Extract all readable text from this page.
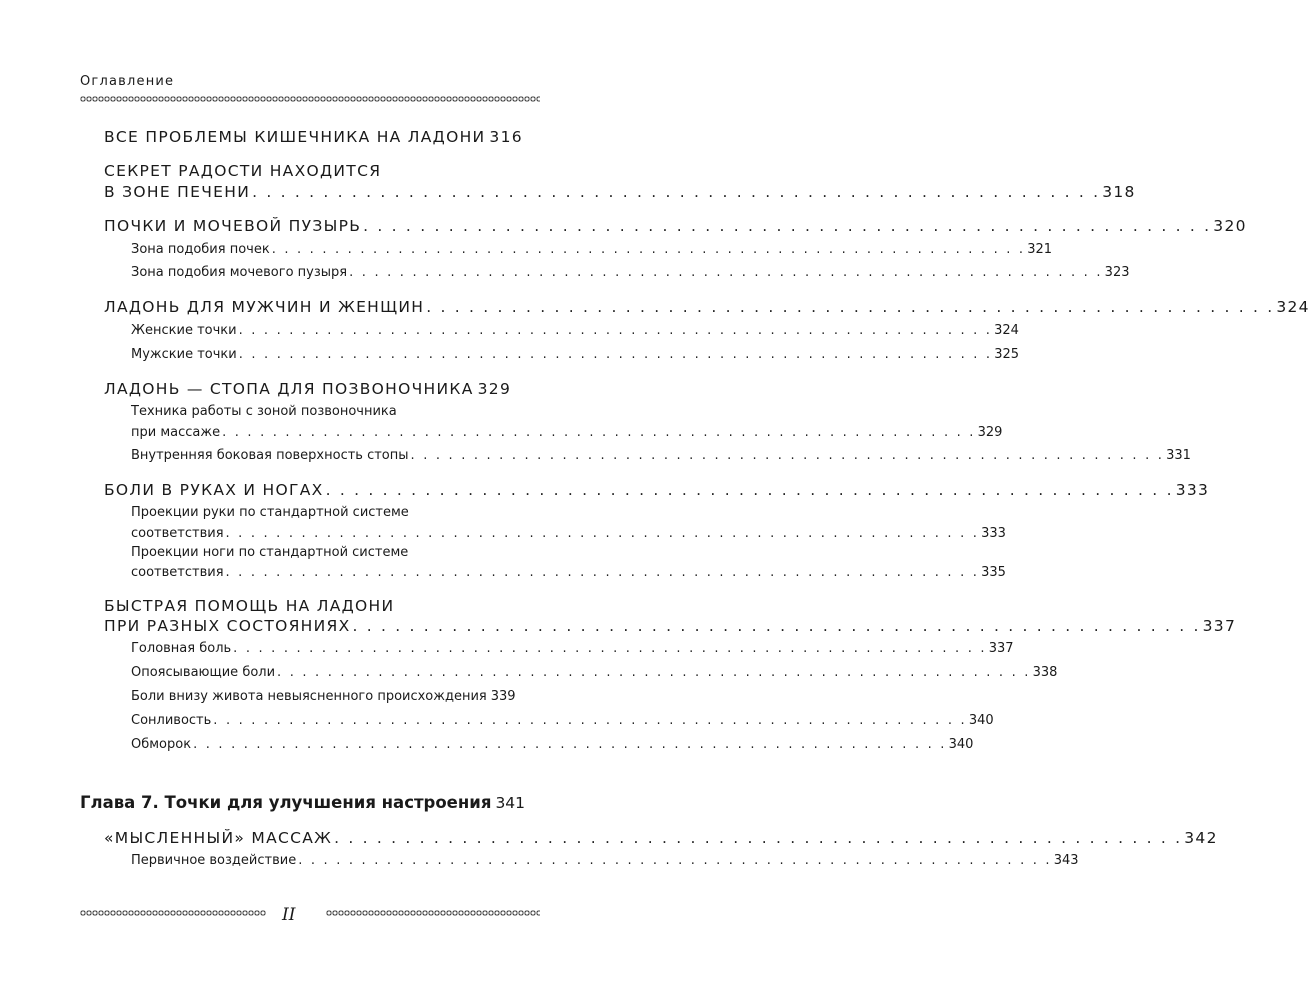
Оглавление
ВСЕ ПРОБЛЕМЫ КИШЕЧНИКА НА ЛАДОНИ 316
СЕКРЕТ РАДОСТИ НАХОДИТСЯ
В ЗОНЕ ПЕЧЕНИ . . . . . . . . . . . . . . . . . . . . . . . . . . . . . . . . . . . . . . . . . . . . . . . . . . . . . . . . . . . . 318
ПОЧКИ И МОЧЕВОЙ ПУЗЫРЬ . . . . . . . . . . . . . . . . . . . . . . . . . . . . . . . . . . . . . . . . . . . . . . . . . . . . . . . . . . . . 320
Зона подобия почек . . . . . . . . . . . . . . . . . . . . . . . . . . . . . . . . . . . . . . . . . . . . . . . . . . . . . . . . . . . . 321
Зона подобия мочевого пузыря . . . . . . . . . . . . . . . . . . . . . . . . . . . . . . . . . . . . . . . . . . . . . . . . . . . . . . . . . . . . 323
ЛАДОНЬ ДЛЯ МУЖЧИН И ЖЕНЩИН . . . . . . . . . . . . . . . . . . . . . . . . . . . . . . . . . . . . . . . . . . . . . . . . . . . . . . . . . . . . 324
Женские точки . . . . . . . . . . . . . . . . . . . . . . . . . . . . . . . . . . . . . . . . . . . . . . . . . . . . . . . . . . . . 324
Мужские точки . . . . . . . . . . . . . . . . . . . . . . . . . . . . . . . . . . . . . . . . . . . . . . . . . . . . . . . . . . . . 325
ЛАДОНЬ — СТОПА ДЛЯ ПОЗВОНОЧНИКА 329
Техника работы с зоной позвоночника
при массаже . . . . . . . . . . . . . . . . . . . . . . . . . . . . . . . . . . . . . . . . . . . . . . . . . . . . . . . . . . . . 329
Внутренняя боковая поверхность стопы . . . . . . . . . . . . . . . . . . . . . . . . . . . . . . . . . . . . . . . . . . . . . . . . . . . . . . . . . . . . 331
БОЛИ В РУКАХ И НОГАХ . . . . . . . . . . . . . . . . . . . . . . . . . . . . . . . . . . . . . . . . . . . . . . . . . . . . . . . . . . . . 333
Проекции руки по стандартной системе
соответствия . . . . . . . . . . . . . . . . . . . . . . . . . . . . . . . . . . . . . . . . . . . . . . . . . . . . . . . . . . . . 333
Проекции ноги по стандартной системе
соответствия . . . . . . . . . . . . . . . . . . . . . . . . . . . . . . . . . . . . . . . . . . . . . . . . . . . . . . . . . . . . 335
БЫСТРАЯ ПОМОЩЬ НА ЛАДОНИ
ПРИ РАЗНЫХ СОСТОЯНИЯХ . . . . . . . . . . . . . . . . . . . . . . . . . . . . . . . . . . . . . . . . . . . . . . . . . . . . . . . . . . . . 337
Головная боль . . . . . . . . . . . . . . . . . . . . . . . . . . . . . . . . . . . . . . . . . . . . . . . . . . . . . . . . . . . . 337
Опоясывающие боли . . . . . . . . . . . . . . . . . . . . . . . . . . . . . . . . . . . . . . . . . . . . . . . . . . . . . . . . . . . . 338
Боли внизу живота невыясненного происхождения 339
Сонливость . . . . . . . . . . . . . . . . . . . . . . . . . . . . . . . . . . . . . . . . . . . . . . . . . . . . . . . . . . . . 340
Обморок . . . . . . . . . . . . . . . . . . . . . . . . . . . . . . . . . . . . . . . . . . . . . . . . . . . . . . . . . . . . 340
Глава 7. Точки для улучшения настроения 341
«МЫСЛЕННЫЙ» МАССАЖ . . . . . . . . . . . . . . . . . . . . . . . . . . . . . . . . . . . . . . . . . . . . . . . . . . . . . . . . . . . . 342
Первичное воздействие . . . . . . . . . . . . . . . . . . . . . . . . . . . . . . . . . . . . . . . . . . . . . . . . . . . . . . . . . . . . 343
II
